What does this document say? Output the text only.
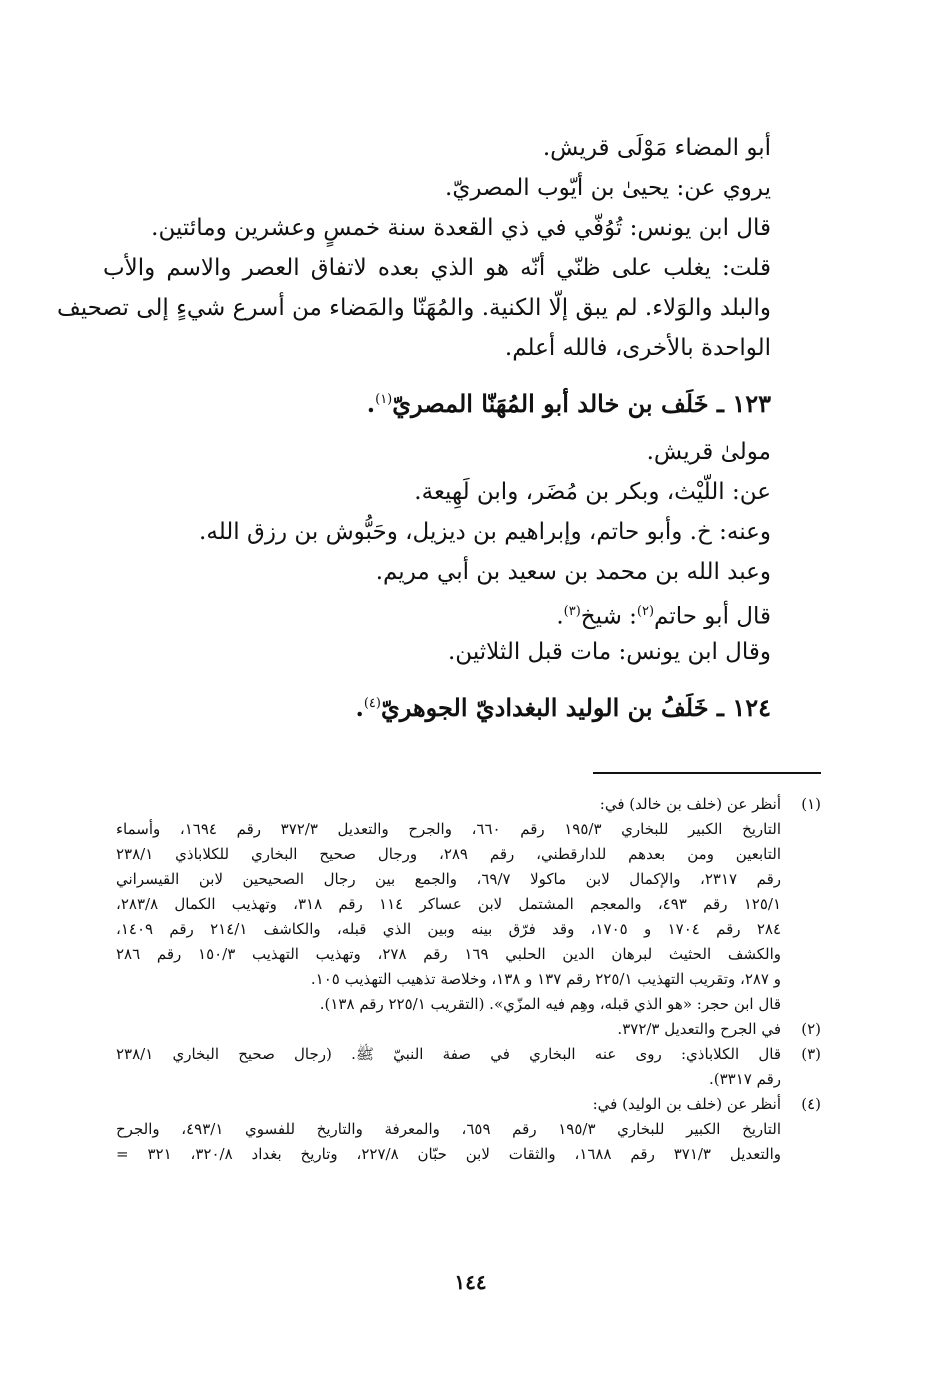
أبو المضاء مَوْلَى قريش.
يروي عن: يحيىٰ بن أيّوب المصريّ.
قال ابن يونس: تُوُفّي في ذي القعدة سنة خمسٍ وعشرين ومائتين.
قلت: يغلب على ظنّي أنّه هو الذي بعده لاتفاق العصر والاسم والأب
والبلد والوَلاء. لم يبق إلّا الكنية. والمُهَنّا والمَضاء من أسرع شيءٍ إلى تصحيف
الواحدة بالأخرى، فالله أعلم.
١٢٣ ـ خَلَف بن خالد أبو المُهَنّا المصريّ$^{(١)}$.
مولىٰ قريش.
عن: اللّيْث، وبكر بن مُضَر، وابن لَهِيعة.
وعنه: خ. وأبو حاتم، وإبراهيم بن ديزيل، وحَبُّوش بن رزق الله.
وعبد الله بن محمد بن سعيد بن أبي مريم.
قال أبو حاتم$^{(٢)}$: شيخ$^{(٣)}$.
وقال ابن يونس: مات قبل الثلاثين.
١٢٤ ـ خَلَفُ بن الوليد البغداديّ الجوهريّ$^{(٤)}$.
(١)
أنظر عن (خلف بن خالد) في:
التاريخ الكبير للبخاري ١٩٥/٣ رقم ٦٦٠، والجرح والتعديل ٣٧٢/٣ رقم ١٦٩٤، وأسماء
التابعين ومن بعدهم للدارقطني، رقم ٢٨٩، ورجال صحيح البخاري للكلاباذي ٢٣٨/١
رقم ٢٣١٧، والإكمال لابن ماكولا ٦٩/٧، والجمع بين رجال الصحيحين لابن القيسراني
١٢٥/١ رقم ٤٩٣، والمعجم المشتمل لابن عساكر ١١٤ رقم ٣١٨، وتهذيب الكمال ٢٨٣/٨،
٢٨٤ رقم ١٧٠٤ و ١٧٠٥، وقد فرّق بينه وبين الذي قبله، والكاشف ٢١٤/١ رقم ١٤٠٩،
والكشف الحثيث لبرهان الدين الحلبي ١٦٩ رقم ٢٧٨، وتهذيب التهذيب ١٥٠/٣ رقم ٢٨٦
و ٢٨٧، وتقريب التهذيب ٢٢٥/١ رقم ١٣٧ و ١٣٨، وخلاصة تذهيب التهذيب ١٠٥.
قال ابن حجر: «هو الذي قبله، وهِم فيه المزّي». (التقريب ٢٢٥/١ رقم ١٣٨).
(٢)
في الجرح والتعديل ٣٧٢/٣.
(٣)
قال الكلاباذي: روى عنه البخاري في صفة النبيّ ﷺ. (رجال صحيح البخاري ٢٣٨/١
رقم ٣٣١٧).
(٤)
أنظر عن (خلف بن الوليد) في:
التاريخ الكبير للبخاري ١٩٥/٣ رقم ٦٥٩، والمعرفة والتاريخ للفسوي ٤٩٣/١، والجرح
والتعديل ٣٧١/٣ رقم ١٦٨٨، والثقات لابن حبّان ٢٢٧/٨، وتاريخ بغداد ٣٢٠/٨، ٣٢١ =
١٤٤
